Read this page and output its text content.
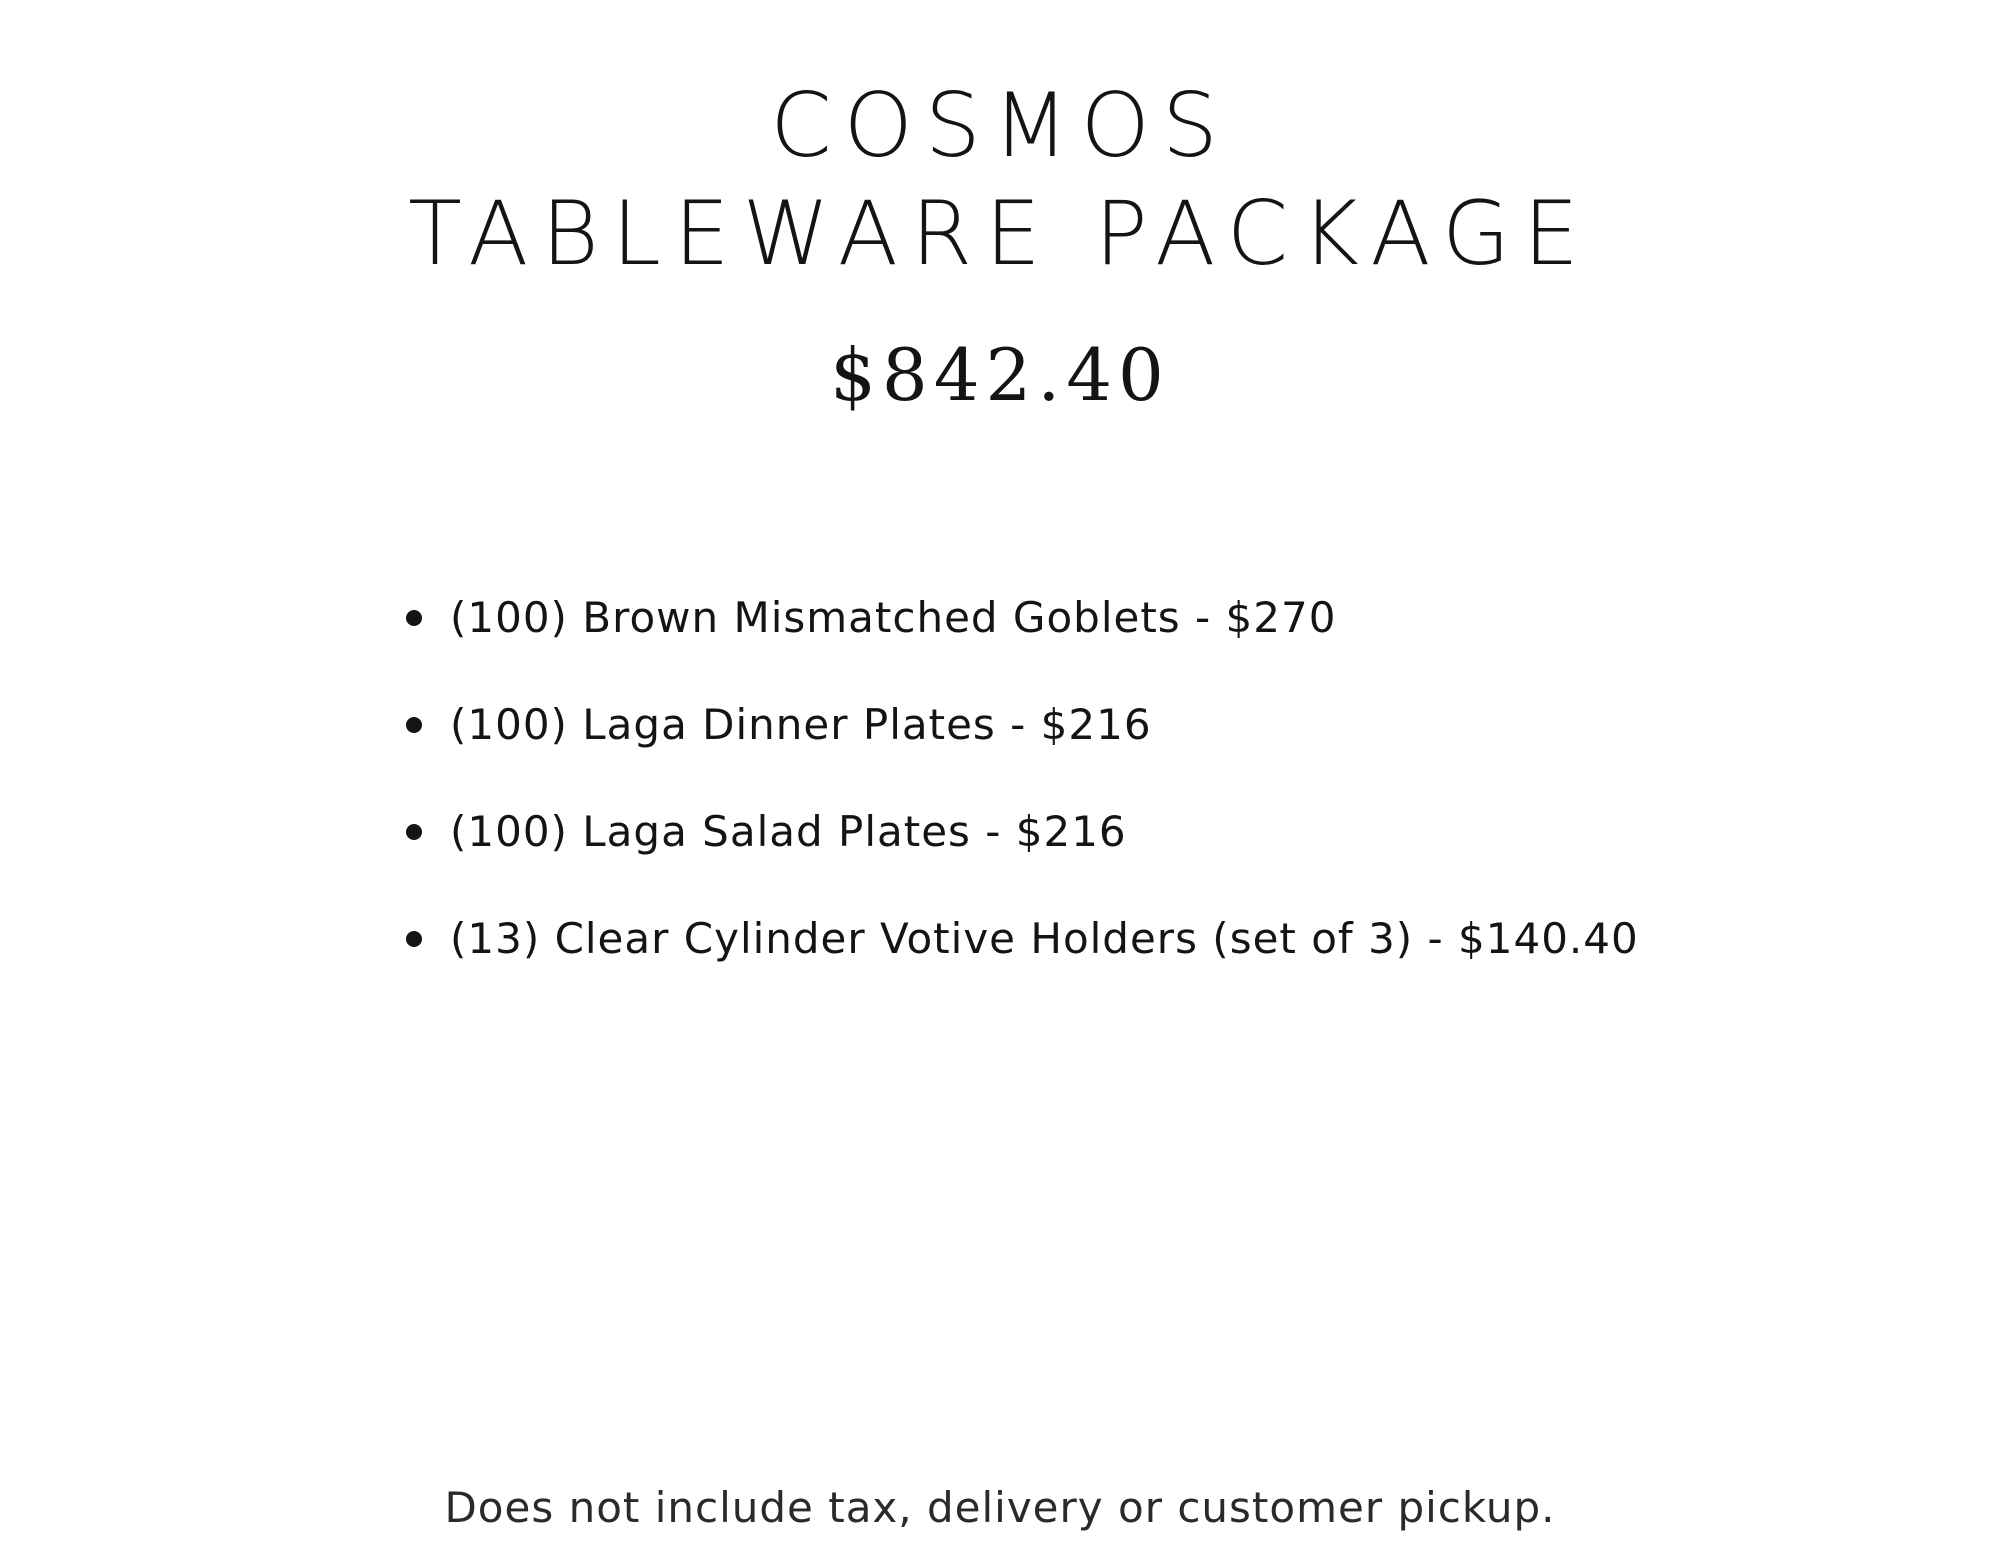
COSMOS
TABLEWARE PACKAGE
$842.40
(100) Brown Mismatched Goblets - $270
(100) Laga Dinner Plates - $216
(100) Laga Salad Plates - $216
(13) Clear Cylinder Votive Holders (set of 3) - $140.40
Does not include tax, delivery or customer pickup.
